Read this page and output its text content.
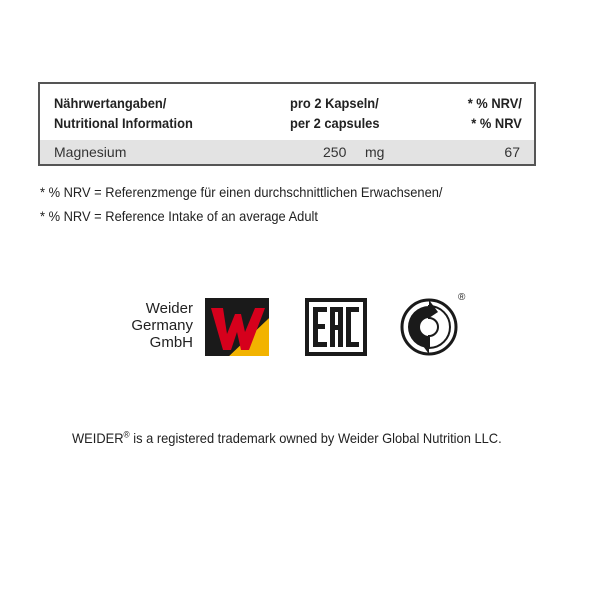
Nährwertangaben/
Nutritional Information
pro 2 Kapseln/
per 2 capsules
* % NRV/
* % NRV
Magnesium	250 mg	67
* % NRV = Referenzmenge für einen durchschnittlichen Erwachsenen/
* % NRV = Reference Intake of an average Adult
Weider
Germany
GmbH
®
WEIDER® is a registered trademark owned by Weider Global Nutrition LLC.
